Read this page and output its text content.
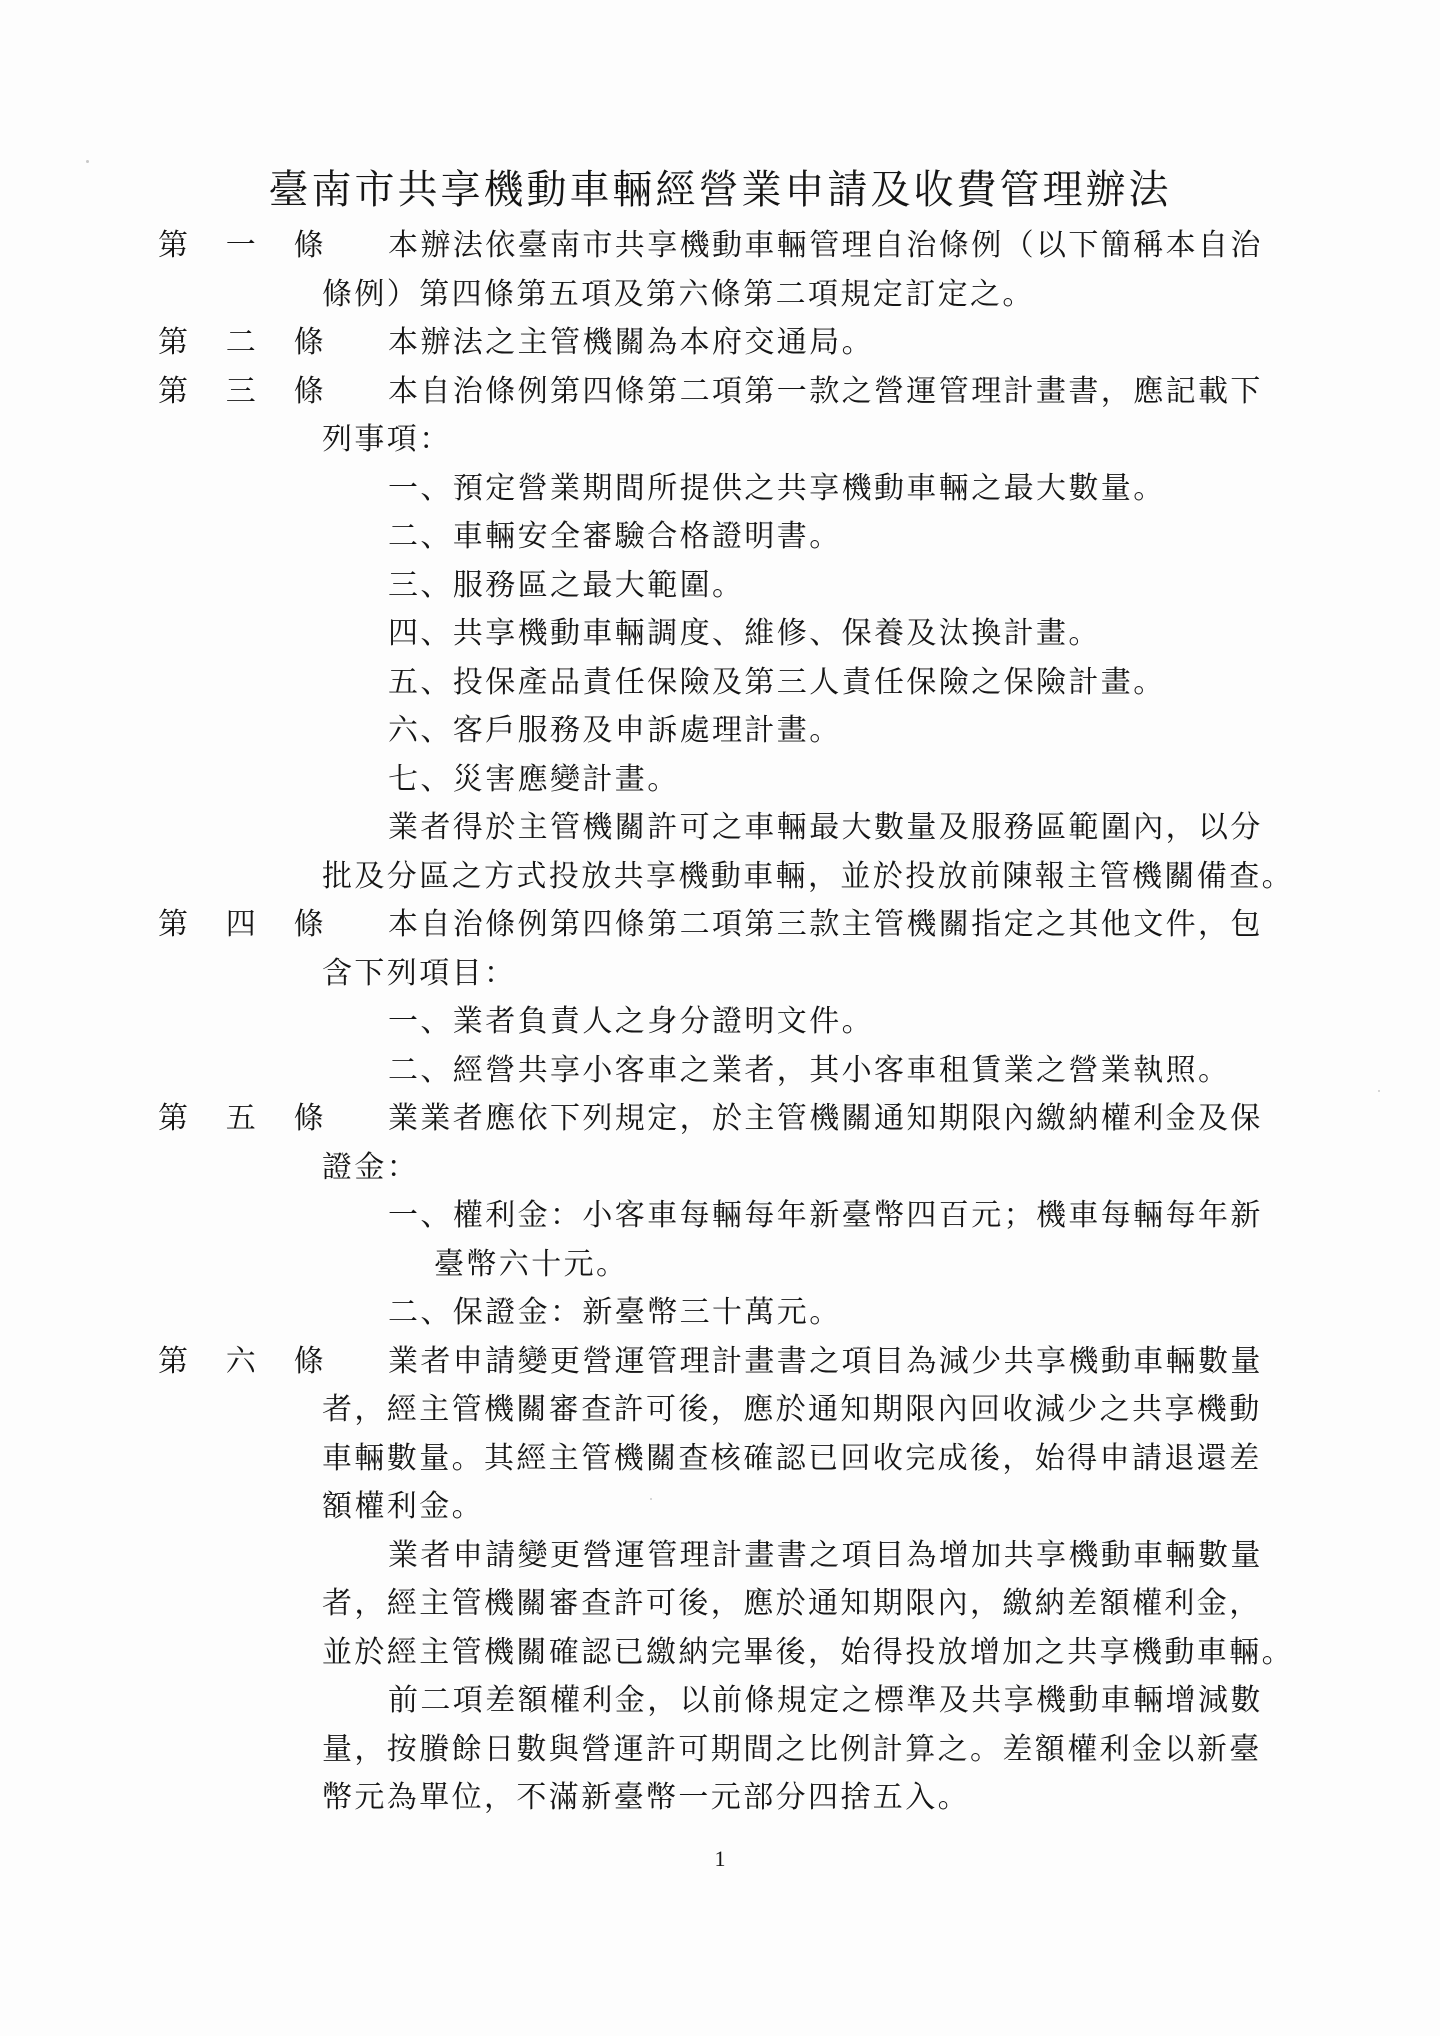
臺南市共享機動車輛經營業申請及收費管理辦法
第 一 條 本辦法依臺南市共享機動車輛管理自治條例（以下簡稱本自治
條例）第四條第五項及第六條第二項規定訂定之。
第 二 條 本辦法之主管機關為本府交通局。
第 三 條 本自治條例第四條第二項第一款之營運管理計畫書，應記載下
列事項：
一、預定營業期間所提供之共享機動車輛之最大數量。
二、車輛安全審驗合格證明書。
三、服務區之最大範圍。
四、共享機動車輛調度、維修、保養及汰換計畫。
五、投保產品責任保險及第三人責任保險之保險計畫。
六、客戶服務及申訴處理計畫。
七、災害應變計畫。
業者得於主管機關許可之車輛最大數量及服務區範圍內，以分
批及分區之方式投放共享機動車輛，並於投放前陳報主管機關備查。
第 四 條 本自治條例第四條第二項第三款主管機關指定之其他文件，包
含下列項目：
一、業者負責人之身分證明文件。
二、經營共享小客車之業者，其小客車租賃業之營業執照。
第 五 條 業業者應依下列規定，於主管機關通知期限內繳納權利金及保
證金：
一、權利金：小客車每輛每年新臺幣四百元；機車每輛每年新
臺幣六十元。
二、保證金：新臺幣三十萬元。
第 六 條 業者申請變更營運管理計畫書之項目為減少共享機動車輛數量
者，經主管機關審查許可後，應於通知期限內回收減少之共享機動
車輛數量。其經主管機關查核確認已回收完成後，始得申請退還差
額權利金。
業者申請變更營運管理計畫書之項目為增加共享機動車輛數量
者，經主管機關審查許可後，應於通知期限內，繳納差額權利金，
並於經主管機關確認已繳納完畢後，始得投放增加之共享機動車輛。
前二項差額權利金，以前條規定之標準及共享機動車輛增減數
量，按賸餘日數與營運許可期間之比例計算之。差額權利金以新臺
幣元為單位，不滿新臺幣一元部分四捨五入。
1
